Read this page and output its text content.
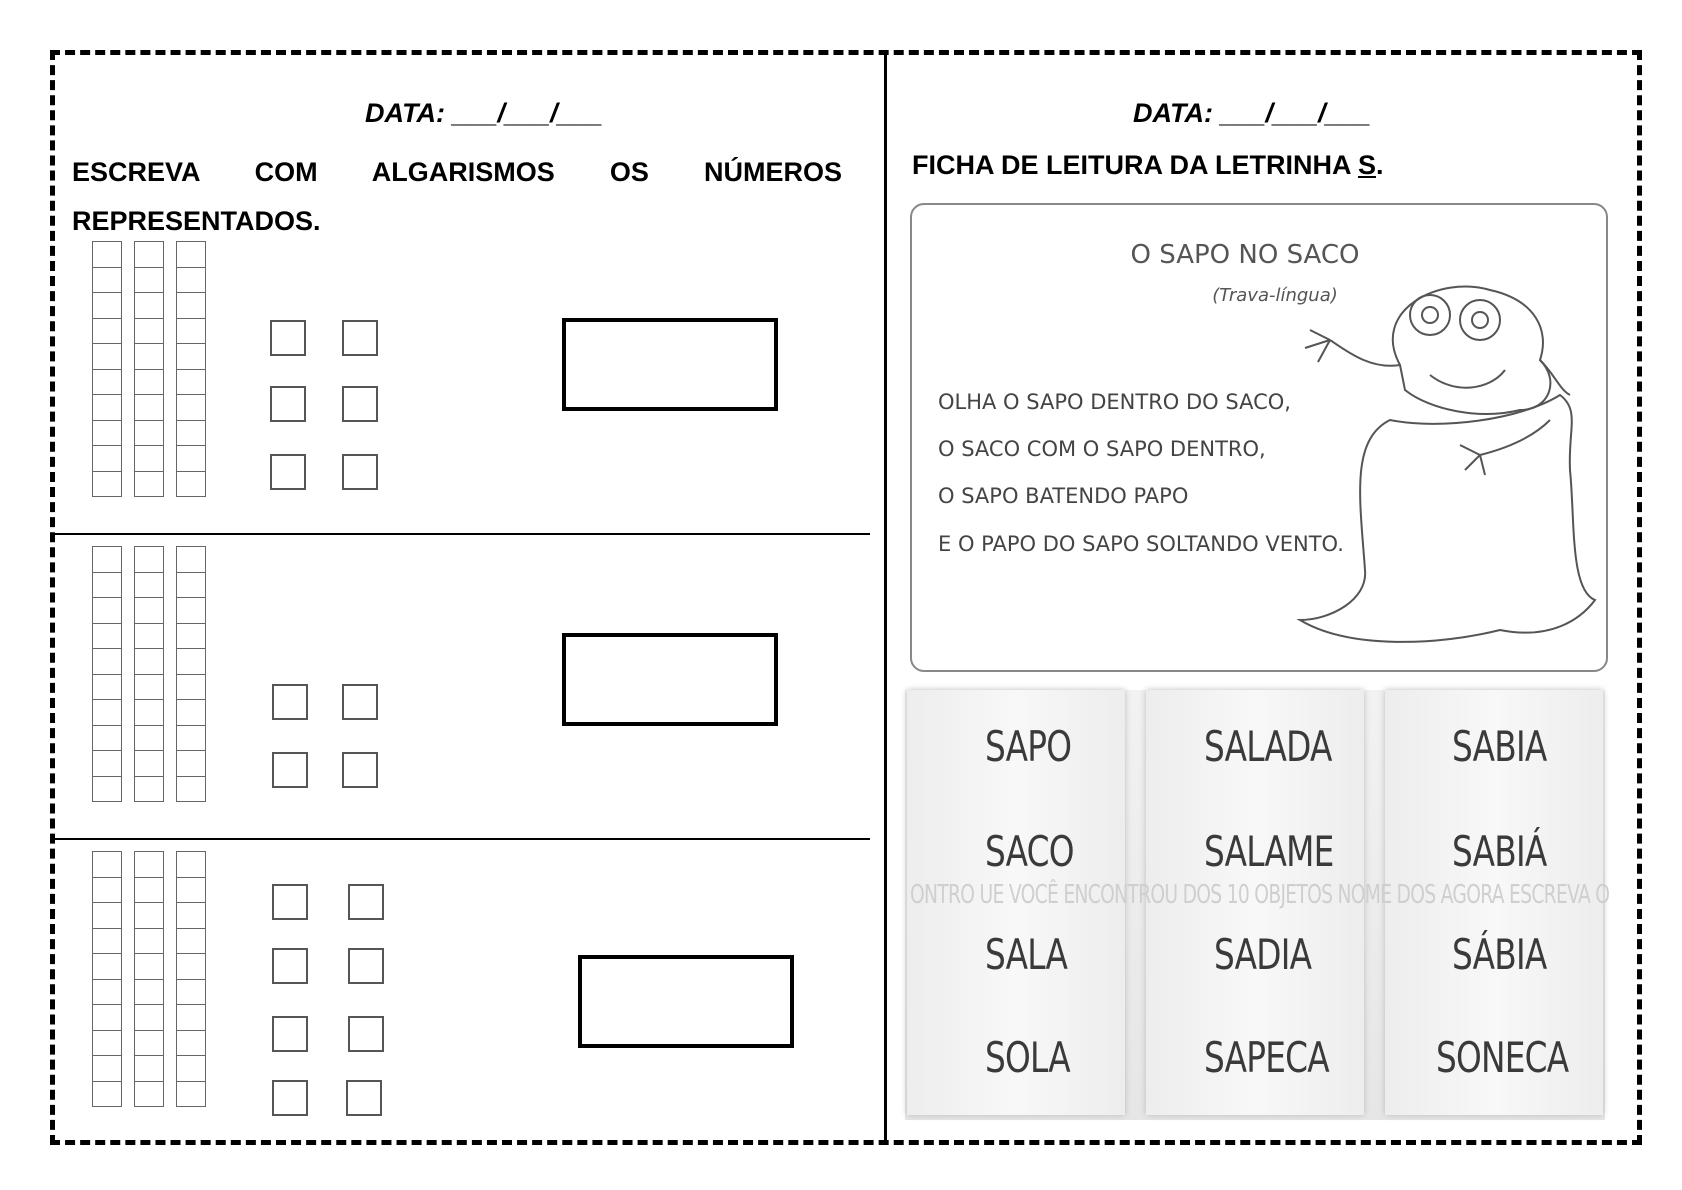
DATA: ___/___/___
ESCREVA COM ALGARISMOS OS NÚMEROS REPRESENTADOS.
DATA: ___/___/___
FICHA DE LEITURA DA LETRINHA S.
O SAPO NO SACO
(Trava-língua)
OLHA O SAPO DENTRO DO SACO,
O SACO COM O SAPO DENTRO,
O SAPO BATENDO PAPO
E O PAPO DO SAPO SOLTANDO VENTO.
ONTRO UE VOCÊ ENCONTROU DOS 10 OBJETOS NOME DOS AGORA ESCREVA O
SAPO
SACO
SALA
SOLA
SALADA
SALAME
SADIA
SAPECA
SABIA
SABIÁ
SÁBIA
SONECA
